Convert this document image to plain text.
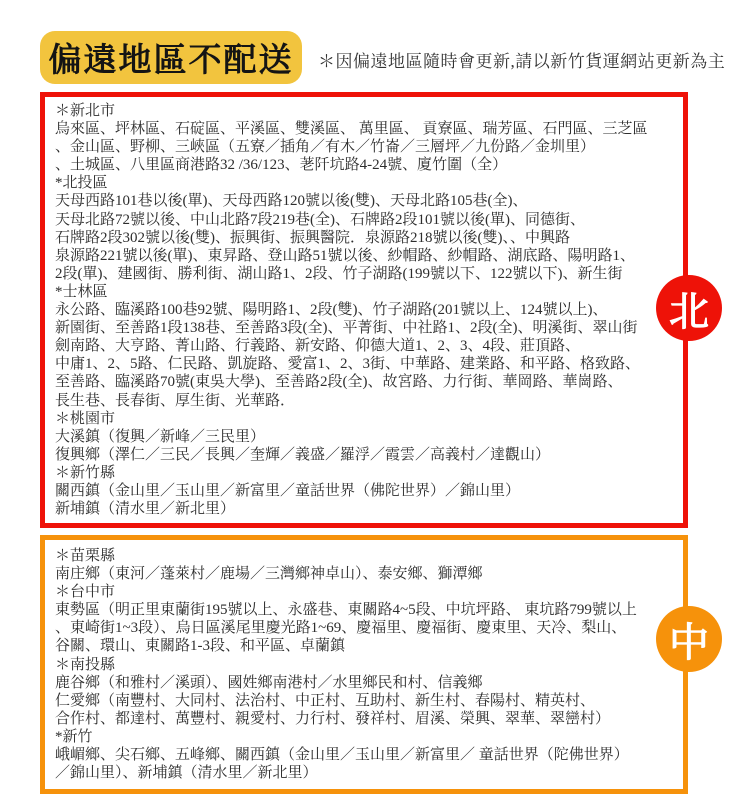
偏遠地區不配送	＊因偏遠地區隨時會更新,請以新竹貨運網站更新為主
＊新北市
烏來區、坪林區、石碇區、平溪區、雙溪區、 萬里區、 貢寮區、瑞芳區、石門區、三芝區
、金山區、野柳、三峽區（五寮／插角／有木／竹崙／三層坪／九份路／金圳里）
、土城區、八里區商港路32 /36/123、荖阡坑路4-24號、廈竹圍（全）
*北投區
天母西路101巷以後(單)、天母西路120號以後(雙)、天母北路105巷(全)、
天母北路72號以後、中山北路7段219巷(全)、石牌路2段101號以後(單)、同德街、
石牌路2段302號以後(雙)、振興街、振興醫院．泉源路218號以後(雙)、、中興路
泉源路221號以後(單)、東昇路、登山路51號以後、紗帽路、紗帽路、湖底路、陽明路1、
2段(單)、建國街、勝利街、湖山路1、2段、竹子湖路(199號以下、122號以下)、新生街
*士林區
永公路、臨溪路100巷92號、陽明路1、2段(雙)、竹子湖路(201號以上、124號以上)、
新園街、至善路1段138巷、至善路3段(全)、平菁街、中社路1、2段(全)、明溪街、翠山街
劍南路、大亨路、菁山路、行義路、新安路、仰德大道1、2、3、4段、莊頂路、
中庸1、2、5路、仁民路、凱旋路、愛富1、2、3街、中華路、建業路、和平路、格致路、
至善路、臨溪路70號(東吳大學)、至善路2段(全)、故宮路、力行街、華岡路、華崗路、
長生巷、長春街、厚生街、光華路．
＊桃園市
大溪鎮（復興／新峰／三民里）
復興鄉（澤仁／三民／長興／奎輝／義盛／羅浮／霞雲／高義村／達觀山）
＊新竹縣
關西鎮（金山里／玉山里／新富里／童話世界（佛陀世界）／錦山里）
新埔鎮（清水里／新北里）
北
＊苗栗縣
南庄鄉（東河／蓬萊村／鹿場／三灣鄉神卓山）、泰安鄉、獅潭鄉
＊台中市
東勢區（明正里東蘭街195號以上、永盛巷、東關路4~5段、中坑坪路、 東坑路799號以上
、東崎街1~3段）、烏日區溪尾里慶光路1~69、慶福里、慶福街、慶東里、天冷、梨山、
谷關、環山、東關路1-3段、和平區、卓蘭鎮
＊南投縣
鹿谷鄉（和雅村／溪頭）、國姓鄉南港村／水里鄉民和村、信義鄉
仁愛鄉（南豐村、大同村、法治村、中正村、互助村、新生村、春陽村、精英村、
合作村、都達村、萬豐村、親愛村、力行村、發祥村、眉溪、榮興、翠華、翠巒村）
*新竹
峨嵋鄉、尖石鄉、五峰鄉、關西鎮（金山里／玉山里／新富里／ 童話世界（陀佛世界）
／錦山里）、新埔鎮（清水里／新北里）
中
